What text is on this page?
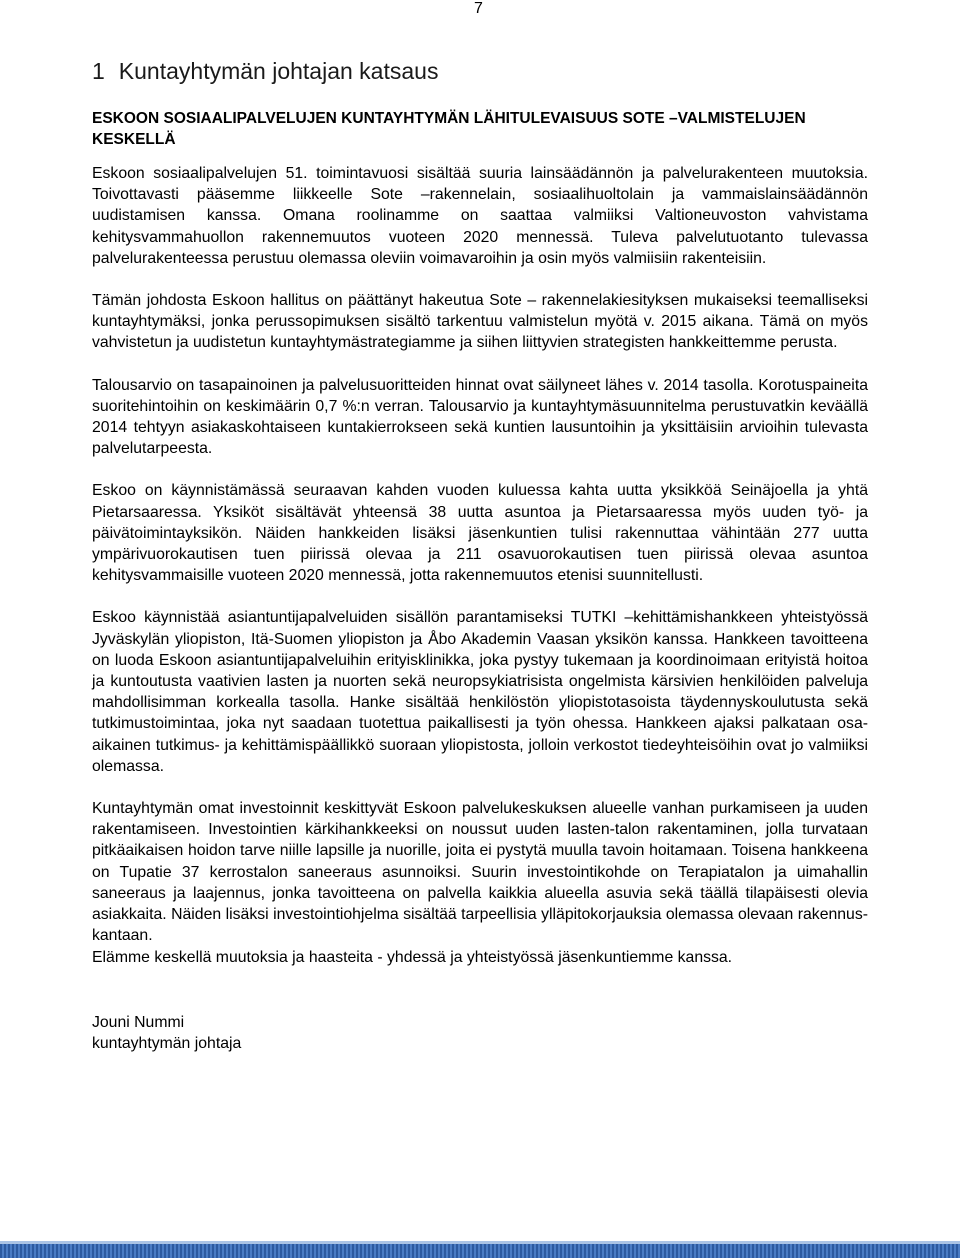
7
1 Kuntayhtymän johtajan katsaus

ESKOON SOSIAALIPALVELUJEN KUNTAYHTYMÄN LÄHITULEVAISUUS SOTE –VALMISTELUJEN KESKELLÄ

Eskoon sosiaalipalvelujen 51. toimintavuosi sisältää suuria lainsäädännön ja palvelurakenteen muutoksia. Toivottavasti pääsemme liikkeelle Sote –rakennelain, sosiaalihuoltolain ja vammaislainsäädännön uudistamisen kanssa. Omana roolinamme on saattaa valmiiksi Valtioneuvoston vahvistama kehitysvammahuollon rakennemuutos vuoteen 2020 mennessä. Tuleva palvelutuotanto tulevassa palvelurakenteessa perustuu olemassa oleviin voimavaroihin ja osin myös valmiisiin rakenteisiin.

Tämän johdosta Eskoon hallitus on päättänyt hakeutua Sote – rakennelakiesityksen mukaiseksi teemalliseksi kuntayhtymäksi, jonka perussopimuksen sisältö tarkentuu valmistelun myötä v. 2015 aikana. Tämä on myös vahvistetun ja uudistetun kuntayhtymästrategiamme ja siihen liittyvien strategisten hankkeittemme perusta.

Talousarvio on tasapainoinen ja palvelusuoritteiden hinnat ovat säilyneet lähes v. 2014 tasolla. Korotuspaineita suoritehintoihin on keskimäärin 0,7 %:n verran. Talousarvio ja kuntayhtymäsuunnitelma perustuvatkin keväällä 2014 tehtyyn asiakaskohtaiseen kuntakierrokseen sekä kuntien lausuntoihin ja yksittäisiin arvioihin tulevasta palvelutarpeesta.

Eskoo on käynnistämässä seuraavan kahden vuoden kuluessa kahta uutta yksikköä Seinäjoella ja yhtä Pietarsaaressa. Yksiköt sisältävät yhteensä 38 uutta asuntoa ja Pietarsaaressa myös uuden työ- ja päivätoimintayksikön. Näiden hankkeiden lisäksi jäsenkuntien tulisi rakennuttaa vähintään 277 uutta ympärivuorokautisen tuen piirissä olevaa ja 211 osavuorokautisen tuen piirissä olevaa asuntoa kehitysvammaisille vuoteen 2020 mennessä, jotta rakennemuutos etenisi suunnitellusti.

Eskoo käynnistää asiantuntijapalveluiden sisällön parantamiseksi TUTKI –kehittämishankkeen yhteistyössä Jyväskylän yliopiston, Itä-Suomen yliopiston ja Åbo Akademin Vaasan yksikön kanssa. Hankkeen tavoitteena on luoda Eskoon asiantuntijapalveluihin erityisklinikka, joka pystyy tukemaan ja koordinoimaan erityistä hoitoa ja kuntoutusta vaativien lasten ja nuorten sekä neuropsykiatrisista ongelmista kärsivien henkilöiden palveluja mahdollisimman korkealla tasolla. Hanke sisältää henkilöstön yliopistotasoista täydennyskoulutusta sekä tutkimustoimintaa, joka nyt saadaan tuotettua paikallisesti ja työn ohessa. Hankkeen ajaksi palkataan osa-aikainen tutkimus- ja kehittämispäällikkö suoraan yliopistosta, jolloin verkostot tiedeyhteisöihin ovat jo valmiiksi olemassa.

Kuntayhtymän omat investoinnit keskittyvät Eskoon palvelukeskuksen alueelle vanhan purkamiseen ja uuden rakentamiseen. Investointien kärkihankkeeksi on noussut uuden lasten-talon rakentaminen, jolla turvataan pitkäaikaisen hoidon tarve niille lapsille ja nuorille, joita ei pystytä muulla tavoin hoitamaan. Toisena hankkeena on Tupatie 37 kerrostalon saneeraus asunnoiksi. Suurin investointikohde on Terapiatalon ja uimahallin saneeraus ja laajennus, jonka tavoitteena on palvella kaikkia alueella asuvia sekä täällä tilapäisesti olevia asiakkaita. Näiden lisäksi investointiohjelma sisältää tarpeellisia ylläpitokorjauksia olemassa olevaan rakennus-kantaan.

Elämme keskellä muutoksia ja haasteita - yhdessä ja yhteistyössä jäsenkuntiemme kanssa.

Jouni Nummi
kuntayhtymän johtaja
